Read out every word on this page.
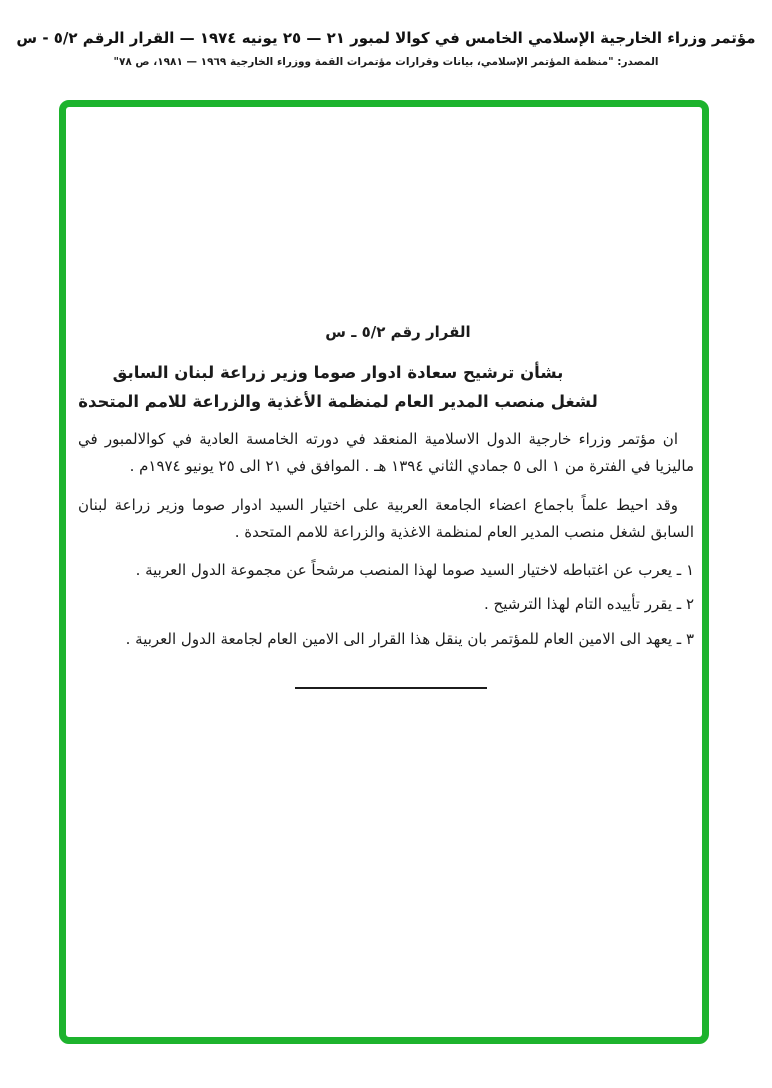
مؤتمر وزراء الخارجية الإسلامي الخامس في كوالا لمبور ٢١ — ٢٥ يونيه ١٩٧٤ — القرار الرقم ٥/٢ - س
المصدر: "منظمة المؤتمر الإسلامي، بيانات وقرارات مؤتمرات القمة ووزراء الخارجية ١٩٦٩ — ١٩٨١، ص ٧٨"
القرار رقم ٥/٢ ـ س
بشأن ترشيح سعادة ادوار صوما وزير زراعة لبنان السابق
لشغل منصب المدير العام لمنظمة الأغذية والزراعة للامم المتحدة
ان مؤتمر وزراء خارجية الدول الاسلامية المنعقد في دورته الخامسة العادية في كوالالمبور في ماليزيا في الفترة من ١ الى ٥ جمادي الثاني ١٣٩٤ هـ . الموافق في ٢١ الى ٢٥ يونيو ١٩٧٤م .
وقد احيط علماً باجماع اعضاء الجامعة العربية على اختيار السيد ادوار صوما وزير زراعة لبنان السابق لشغل منصب المدير العام لمنظمة الاغذية والزراعة للامم المتحدة .
١ ـ يعرب عن اغتباطه لاختيار السيد صوما لهذا المنصب مرشحاً عن مجموعة الدول العربية .
٢ ـ يقرر تأييده التام لهذا الترشيح .
٣ ـ يعهد الى الامين العام للمؤتمر بان ينقل هذا القرار الى الامين العام لجامعة الدول العربية .
